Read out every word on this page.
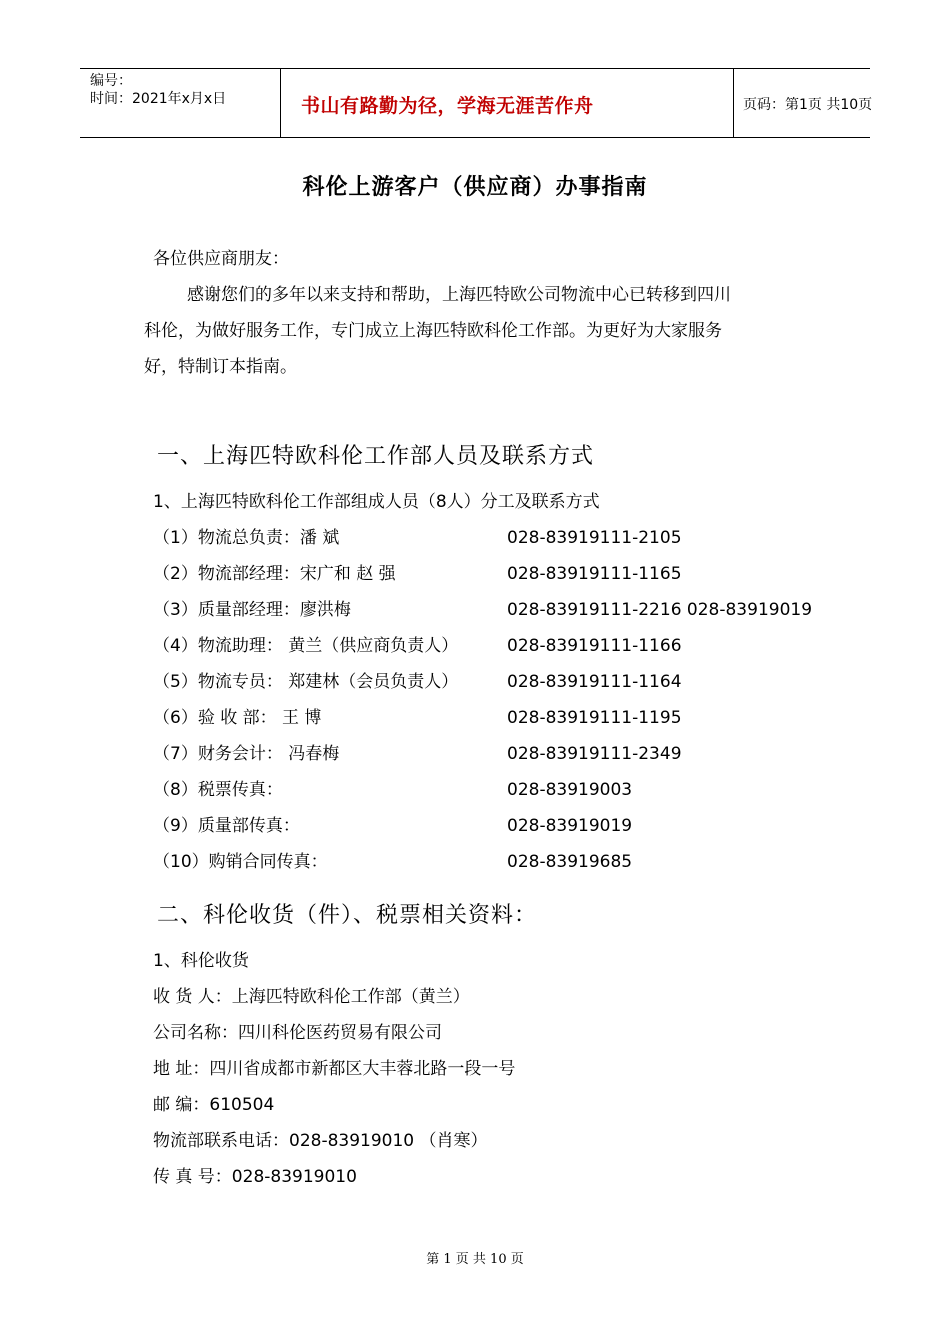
编号：
时间：2021年x月x日	书山有路勤为径，学海无涯苦作舟	页码：第1页 共10页
科伦上游客户（供应商）办事指南
各位供应商朋友：
感谢您们的多年以来支持和帮助，上海匹特欧公司物流中心已转移到四川
科伦，为做好服务工作，专门成立上海匹特欧科伦工作部。为更好为大家服务
好，特制订本指南。
一、上海匹特欧科伦工作部人员及联系方式
1、上海匹特欧科伦工作部组成人员（8人）分工及联系方式
（1）物流总负责：潘 斌	028-83919111-2105
（2）物流部经理：宋广和 赵 强	028-83919111-1165
（3）质量部经理：廖洪梅	028-83919111-2216 028-83919019
（4）物流助理： 黄兰（供应商负责人）	028-83919111-1166
（5）物流专员： 郑建林（会员负责人）	028-83919111-1164
（6）验 收 部： 王 博	028-83919111-1195
（7）财务会计： 冯春梅	028-83919111-2349
（8）税票传真：	028-83919003
（9）质量部传真：	028-83919019
（10）购销合同传真：	028-83919685
二、科伦收货（件）、税票相关资料：
1、科伦收货
收 货 人：上海匹特欧科伦工作部（黄兰）
公司名称：四川科伦医药贸易有限公司
地 址：四川省成都市新都区大丰蓉北路一段一号
邮 编：610504
物流部联系电话：028-83919010 （肖寒）
传 真 号：028-83919010
第 1 页 共 10 页
